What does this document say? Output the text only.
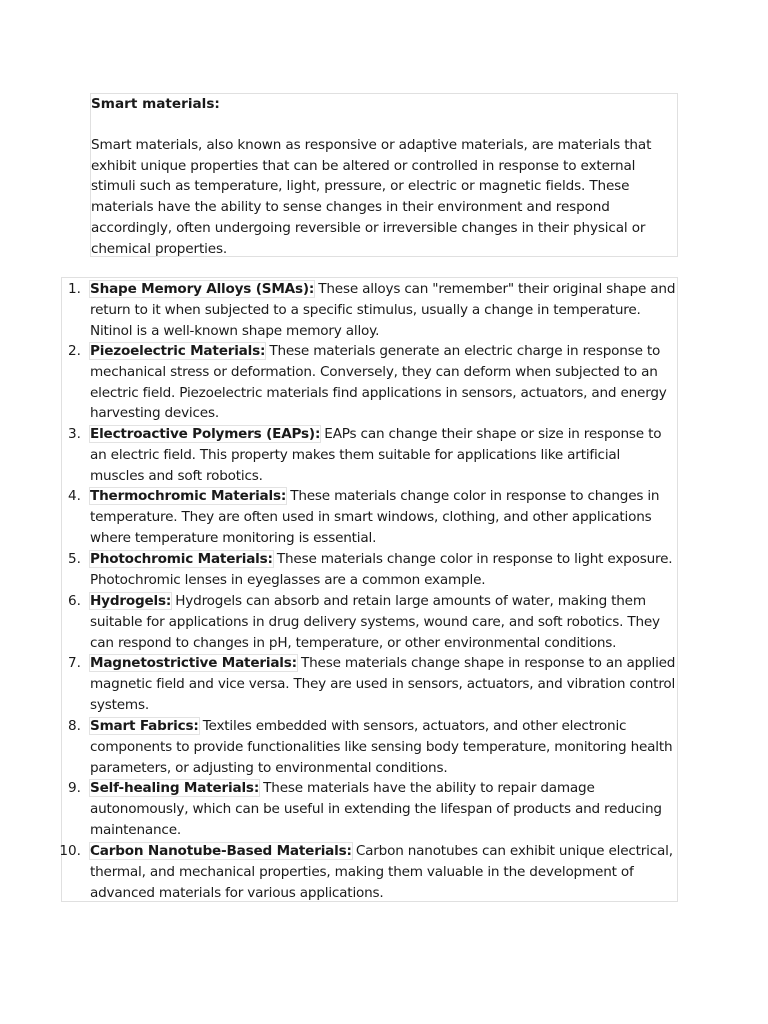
Smart materials:
Smart materials, also known as responsive or adaptive materials, are materials that exhibit unique properties that can be altered or controlled in response to external stimuli such as temperature, light, pressure, or electric or magnetic fields. These materials have the ability to sense changes in their environment and respond accordingly, often undergoing reversible or irreversible changes in their physical or chemical properties.
1. Shape Memory Alloys (SMAs): These alloys can "remember" their original shape and return to it when subjected to a specific stimulus, usually a change in temperature. Nitinol is a well-known shape memory alloy.
2. Piezoelectric Materials: These materials generate an electric charge in response to mechanical stress or deformation. Conversely, they can deform when subjected to an electric field. Piezoelectric materials find applications in sensors, actuators, and energy harvesting devices.
3. Electroactive Polymers (EAPs): EAPs can change their shape or size in response to an electric field. This property makes them suitable for applications like artificial muscles and soft robotics.
4. Thermochromic Materials: These materials change color in response to changes in temperature. They are often used in smart windows, clothing, and other applications where temperature monitoring is essential.
5. Photochromic Materials: These materials change color in response to light exposure. Photochromic lenses in eyeglasses are a common example.
6. Hydrogels: Hydrogels can absorb and retain large amounts of water, making them suitable for applications in drug delivery systems, wound care, and soft robotics. They can respond to changes in pH, temperature, or other environmental conditions.
7. Magnetostrictive Materials: These materials change shape in response to an applied magnetic field and vice versa. They are used in sensors, actuators, and vibration control systems.
8. Smart Fabrics: Textiles embedded with sensors, actuators, and other electronic components to provide functionalities like sensing body temperature, monitoring health parameters, or adjusting to environmental conditions.
9. Self-healing Materials: These materials have the ability to repair damage autonomously, which can be useful in extending the lifespan of products and reducing maintenance.
10. Carbon Nanotube-Based Materials: Carbon nanotubes can exhibit unique electrical, thermal, and mechanical properties, making them valuable in the development of advanced materials for various applications.
